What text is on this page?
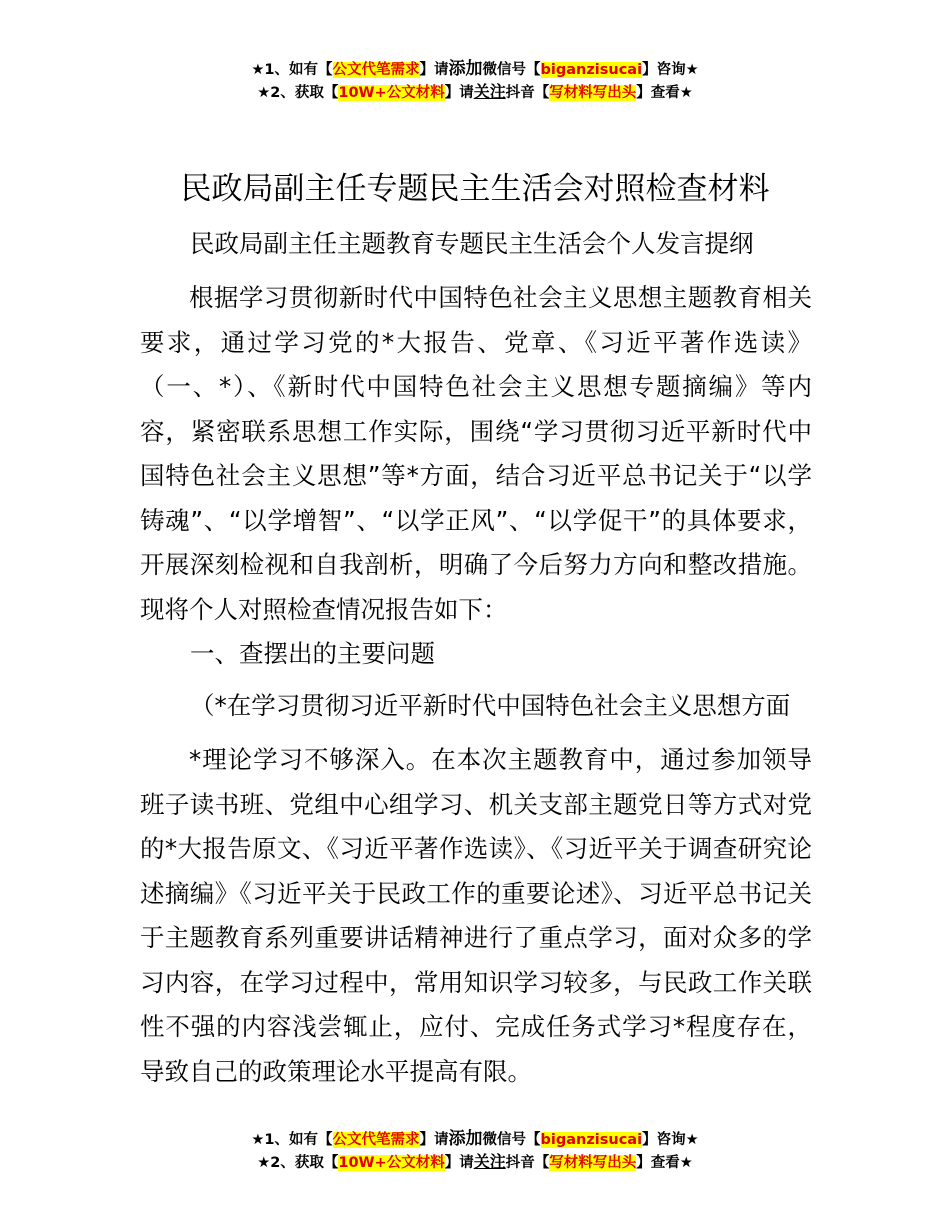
★1、如有【公文代笔需求】请添加微信号【biganzisucai】咨询★
★2、获取【10W+公文材料】请关注抖音【写材料写出头】查看★
民政局副主任专题民主生活会对照检查材料
民政局副主任主题教育专题民主生活会个人发言提纲
根据学习贯彻新时代中国特色社会主义思想主题教育相关要求，通过学习党的*大报告、党章、《习近平著作选读》（一、*）、《新时代中国特色社会主义思想专题摘编》等内容，紧密联系思想工作实际，围绕“学习贯彻习近平新时代中国特色社会主义思想”等*方面，结合习近平总书记关于“以学铸魂”、“以学增智”、“以学正风”、“以学促干”的具体要求，开展深刻检视和自我剖析，明确了今后努力方向和整改措施。现将个人对照检查情况报告如下：
一、查摆出的主要问题
（*在学习贯彻习近平新时代中国特色社会主义思想方面
*理论学习不够深入。在本次主题教育中，通过参加领导班子读书班、党组中心组学习、机关支部主题党日等方式对党的*大报告原文、《习近平著作选读》、《习近平关于调查研究论述摘编》《习近平关于民政工作的重要论述》、习近平总书记关于主题教育系列重要讲话精神进行了重点学习，面对众多的学习内容，在学习过程中，常用知识学习较多，与民政工作关联性不强的内容浅尝辄止，应付、完成任务式学习*程度存在，导致自己的政策理论水平提高有限。
★1、如有【公文代笔需求】请添加微信号【biganzisucai】咨询★
★2、获取【10W+公文材料】请关注抖音【写材料写出头】查看★
